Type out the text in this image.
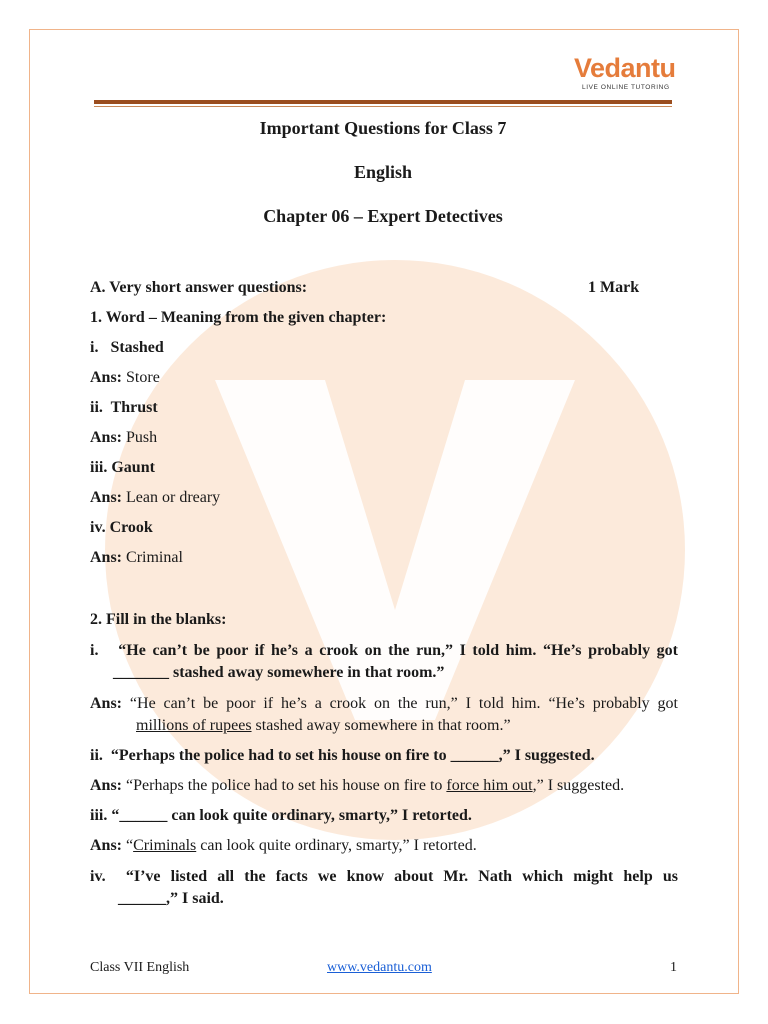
Vedantu
LIVE ONLINE TUTORING
Important Questions for Class 7
English
Chapter 06 – Expert Detectives
A. Very short answer questions:	1 Mark
1. Word – Meaning from the given chapter:
i. Stashed
Ans: Store
ii. Thrust
Ans: Push
iii. Gaunt
Ans: Lean or dreary
iv. Crook
Ans: Criminal
2. Fill in the blanks:
i. “He can’t be poor if he’s a crook on the run,” I told him. “He’s probably got
_______ stashed away somewhere in that room.”
Ans: “He can’t be poor if he’s a crook on the run,” I told him. “He’s probably got
millions of rupees stashed away somewhere in that room.”
ii. “Perhaps the police had to set his house on fire to ______,” I suggested.
Ans: “Perhaps the police had to set his house on fire to force him out,” I suggested.
iii. “______ can look quite ordinary, smarty,” I retorted.
Ans: “Criminals can look quite ordinary, smarty,” I retorted.
iv. “I’ve listed all the facts we know about Mr. Nath which might help us
______,” I said.
Class VII English	www.vedantu.com	1
